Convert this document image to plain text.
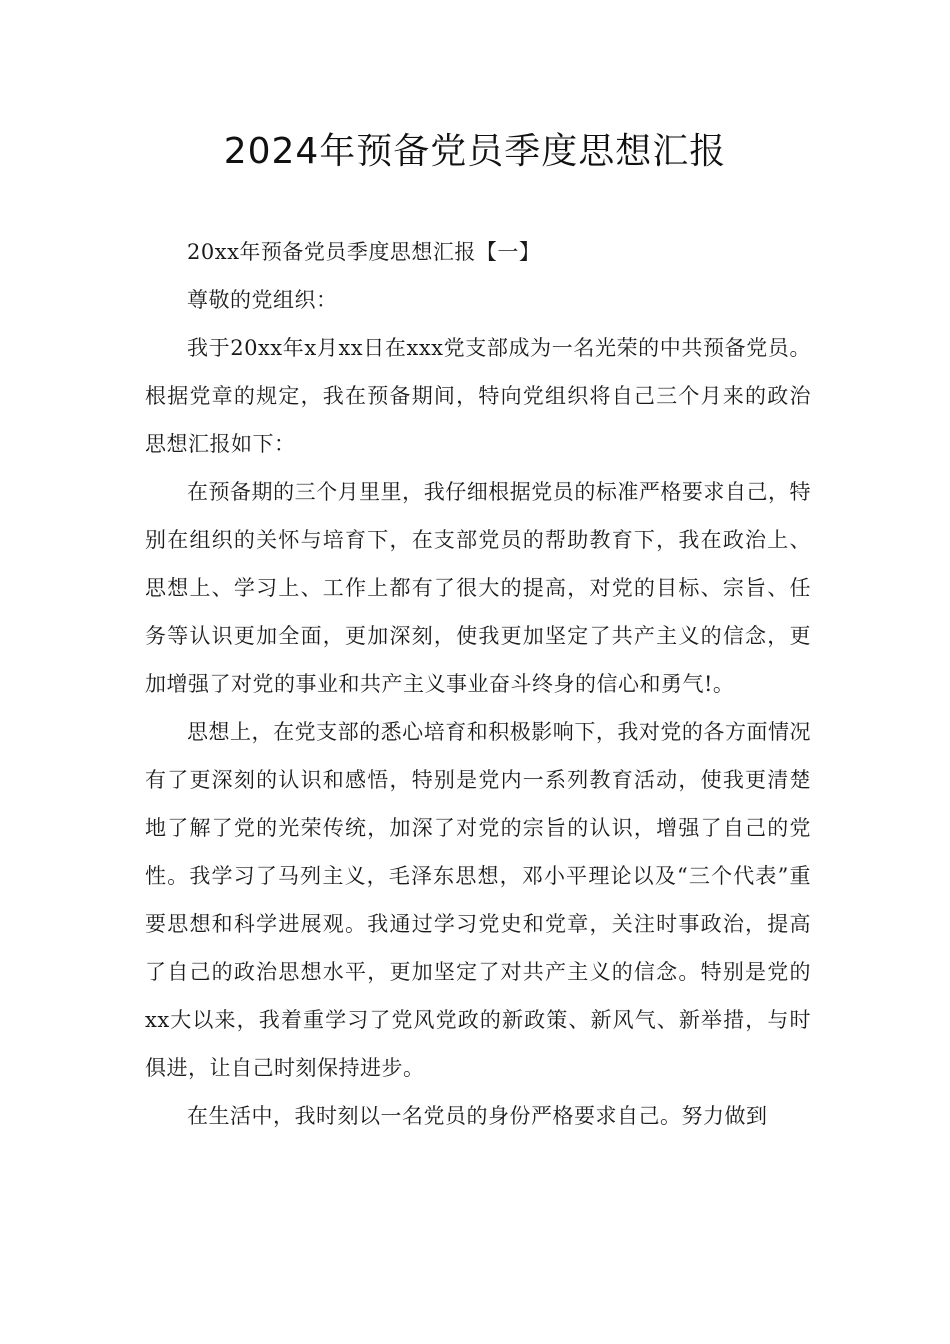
2024年预备党员季度思想汇报

20xx年预备党员季度思想汇报【一】

尊敬的党组织：

我于20xx年x月xx日在xxx党支部成为一名光荣的中共预备党员。根据党章的规定，我在预备期间，特向党组织将自己三个月来的政治思想汇报如下：

在预备期的三个月里里，我仔细根据党员的标准严格要求自己，特别在组织的关怀与培育下，在支部党员的帮助教育下，我在政治上、思想上、学习上、工作上都有了很大的提高，对党的目标、宗旨、任务等认识更加全面，更加深刻，使我更加坚定了共产主义的信念，更加增强了对党的事业和共产主义事业奋斗终身的信心和勇气!。

思想上，在党支部的悉心培育和积极影响下，我对党的各方面情况有了更深刻的认识和感悟，特别是党内一系列教育活动，使我更清楚地了解了党的光荣传统，加深了对党的宗旨的认识，增强了自己的党性。我学习了马列主义，毛泽东思想，邓小平理论以及“三个代表”重要思想和科学进展观。我通过学习党史和党章，关注时事政治，提高了自己的政治思想水平，更加坚定了对共产主义的信念。特别是党的xx大以来，我着重学习了党风党政的新政策、新风气、新举措，与时俱进，让自己时刻保持进步。

在生活中，我时刻以一名党员的身份严格要求自己。努力做到
